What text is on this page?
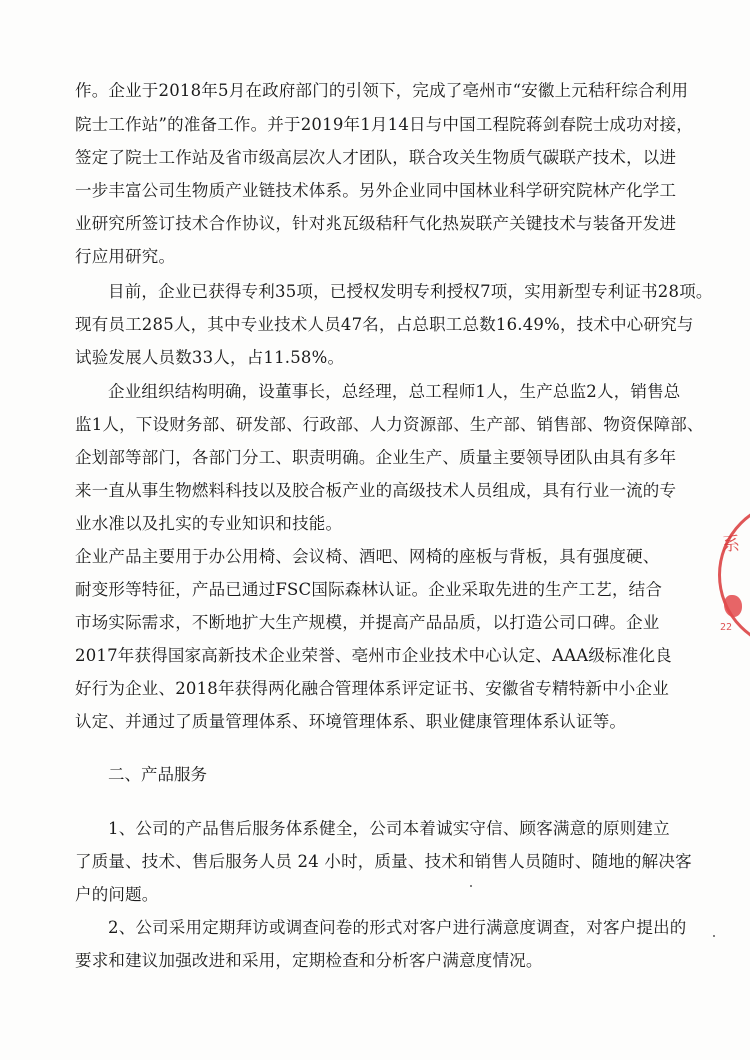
作。企业于2018年5月在政府部门的引领下，完成了亳州市“安徽上元秸秆综合利用
院士工作站”的准备工作。并于2019年1月14日与中国工程院蒋剑春院士成功对接，
签定了院士工作站及省市级高层次人才团队，联合攻关生物质气碳联产技术，以进
一步丰富公司生物质产业链技术体系。另外企业同中国林业科学研究院林产化学工
业研究所签订技术合作协议，针对兆瓦级秸秆气化热炭联产关键技术与装备开发进
行应用研究。
目前，企业已获得专利35项，已授权发明专利授权7项，实用新型专利证书28项。
现有员工285人，其中专业技术人员47名，占总职工总数16.49%，技术中心研究与
试验发展人员数33人，占11.58%。
企业组织结构明确，设董事长，总经理，总工程师1人，生产总监2人，销售总
监1人，下设财务部、研发部、行政部、人力资源部、生产部、销售部、物资保障部、
企划部等部门，各部门分工、职责明确。企业生产、质量主要领导团队由具有多年
来一直从事生物燃料科技以及胶合板产业的高级技术人员组成，具有行业一流的专
业水准以及扎实的专业知识和技能。
企业产品主要用于办公用椅、会议椅、酒吧、网椅的座板与背板，具有强度硬、
耐变形等特征，产品已通过FSC国际森林认证。企业采取先进的生产工艺，结合
市场实际需求，不断地扩大生产规模，并提高产品品质，以打造公司口碑。企业
2017年获得国家高新技术企业荣誉、亳州市企业技术中心认定、AAA级标准化良
好行为企业、2018年获得两化融合管理体系评定证书、安徽省专精特新中小企业
认定、并通过了质量管理体系、环境管理体系、职业健康管理体系认证等。
二、产品服务
1、公司的产品售后服务体系健全，公司本着诚实守信、顾客满意的原则建立
了质量、技术、售后服务人员 24 小时，质量、技术和销售人员随时、随地的解决客
户的问题。
2、公司采用定期拜访或调查问卷的形式对客户进行满意度调查，对客户提出的
要求和建议加强改进和采用，定期检查和分析客户满意度情况。
系
22
